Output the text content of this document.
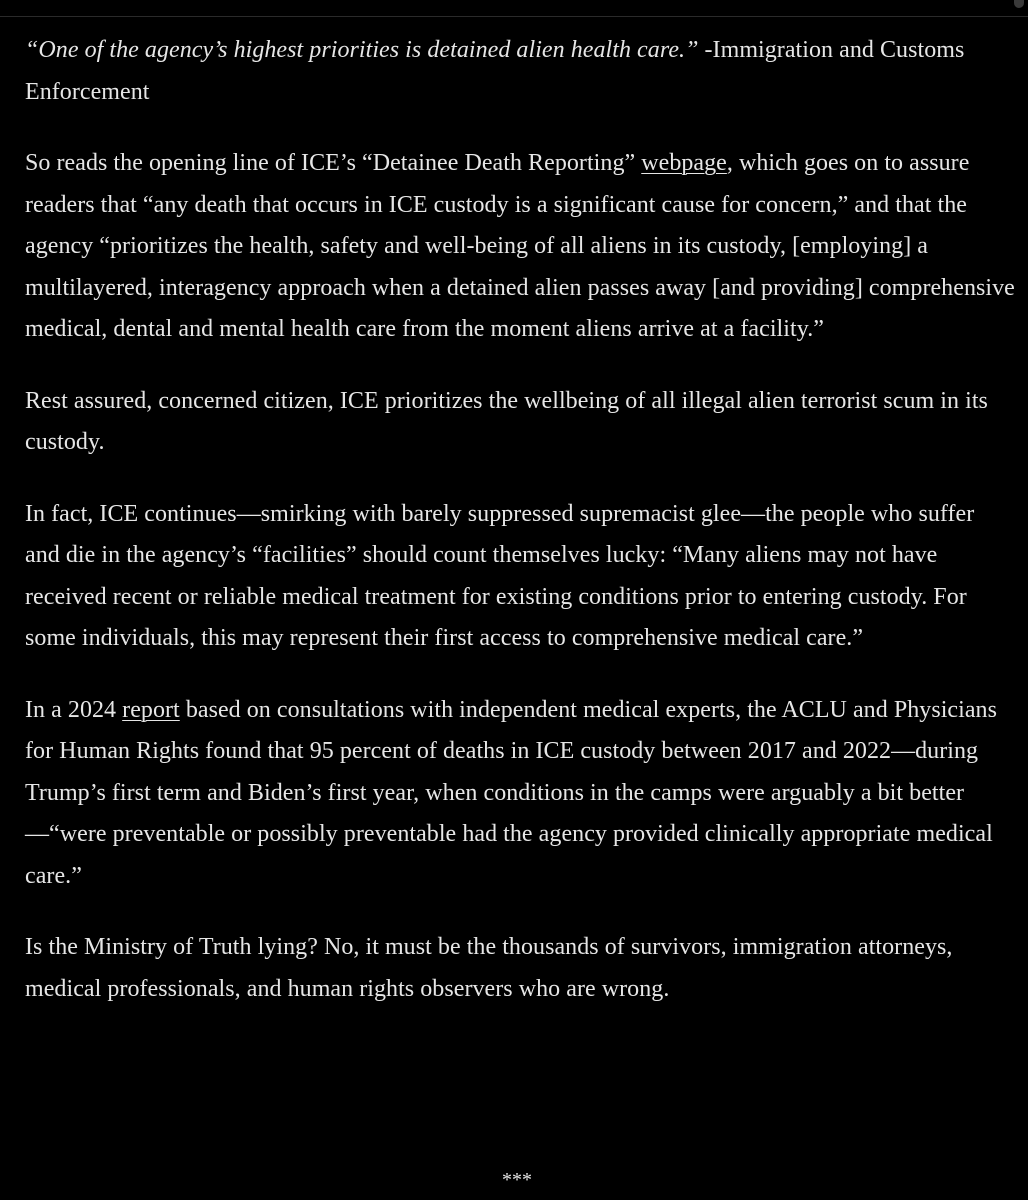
“One of the agency’s highest priorities is detained alien health care.” -Immigration and Customs Enforcement

So reads the opening line of ICE’s “Detainee Death Reporting” webpage, which goes on to assure readers that “any death that occurs in ICE custody is a significant cause for concern,” and that the agency “prioritizes the health, safety and well-being of all aliens in its custody, [employing] a multilayered, interagency approach when a detained alien passes away [and providing] comprehensive medical, dental and mental health care from the moment aliens arrive at a facility.”

Rest assured, concerned citizen, ICE prioritizes the wellbeing of all illegal alien terrorist scum in its custody.

In fact, ICE continues—smirking with barely suppressed supremacist glee—the people who suffer and die in the agency’s “facilities” should count themselves lucky: “Many aliens may not have received recent or reliable medical treatment for existing conditions prior to entering custody. For some individuals, this may represent their first access to comprehensive medical care.”

In a 2024 report based on consultations with independent medical experts, the ACLU and Physicians for Human Rights found that 95 percent of deaths in ICE custody between 2017 and 2022—during Trump’s first term and Biden’s first year, when conditions in the camps were arguably a bit better—“were preventable or possibly preventable had the agency provided clinically appropriate medical care.”

Is the Ministry of Truth lying? No, it must be the thousands of survivors, immigration attorneys, medical professionals, and human rights observers who are wrong.

***
